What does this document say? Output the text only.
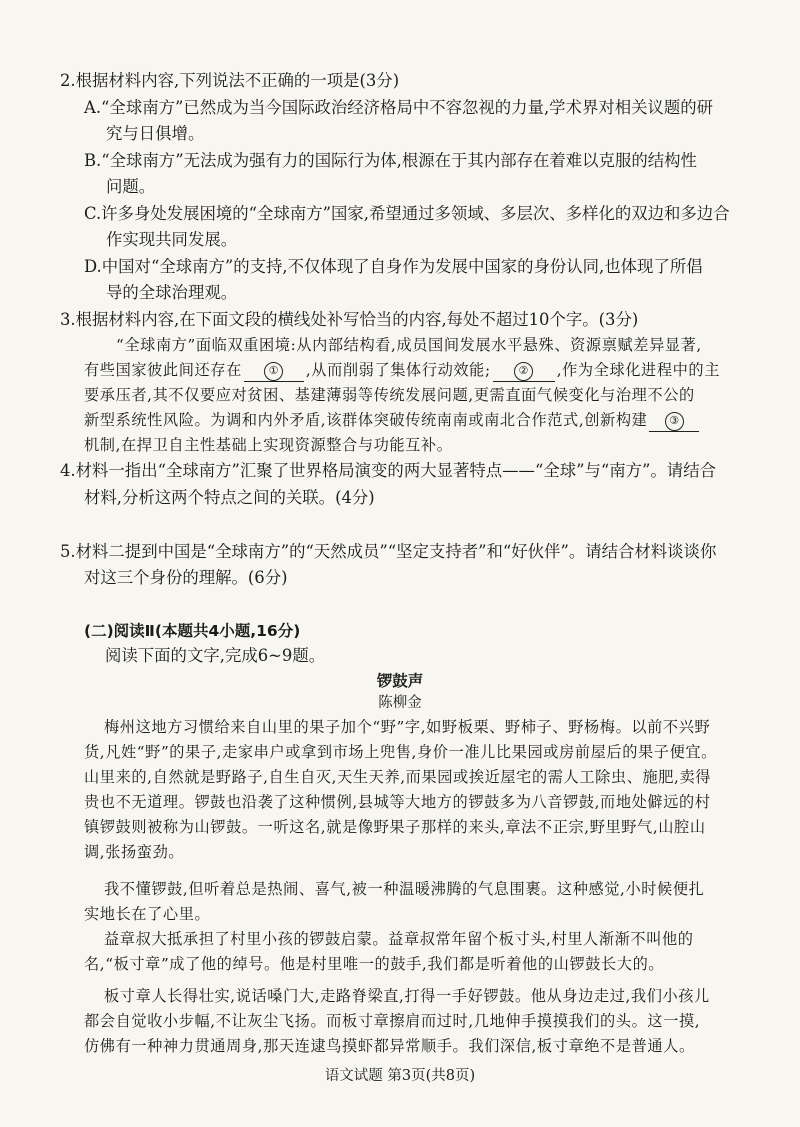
2.根据材料内容,下列说法不正确的一项是(3分)
A.“全球南方”已然成为当今国际政治经济格局中不容忽视的力量,学术界对相关议题的研
究与日俱增。
B.“全球南方”无法成为强有力的国际行为体,根源在于其内部存在着难以克服的结构性
问题。
C.许多身处发展困境的“全球南方”国家,希望通过多领域、多层次、多样化的双边和多边合
作实现共同发展。
D.中国对“全球南方”的支持,不仅体现了自身作为发展中国家的身份认同,也体现了所倡
导的全球治理观。
3.根据材料内容,在下面文段的横线处补写恰当的内容,每处不超过10个字。(3分)
“全球南方”面临双重困境:从内部结构看,成员国间发展水平悬殊、资源禀赋差异显著,
有些国家彼此间还存在 ① ,从而削弱了集体行动效能;	② ,作为全球化进程中的主
要承压者,其不仅要应对贫困、基建薄弱等传统发展问题,更需直面气候变化与治理不公的
新型系统性风险。为调和内外矛盾,该群体突破传统南南或南北合作范式,创新构建 ③
机制,在捍卫自主性基础上实现资源整合与功能互补。
4.材料一指出“全球南方”汇聚了世界格局演变的两大显著特点——“全球”与“南方”。请结合
材料,分析这两个特点之间的关联。(4分)
5.材料二提到中国是“全球南方”的“天然成员”“坚定支持者”和“好伙伴”。请结合材料谈谈你
对这三个身份的理解。(6分)
(二)阅读Ⅱ(本题共4小题,16分)
阅读下面的文字,完成6~9题。
锣鼓声
陈柳金
梅州这地方习惯给来自山里的果子加个“野”字,如野板栗、野柿子、野杨梅。以前不兴野
货,凡姓“野”的果子,走家串户或拿到市场上兜售,身价一准儿比果园或房前屋后的果子便宜。
山里来的,自然就是野路子,自生自灭,天生天养,而果园或挨近屋宅的需人工除虫、施肥,卖得
贵也不无道理。锣鼓也沿袭了这种惯例,县城等大地方的锣鼓多为八音锣鼓,而地处僻远的村
镇锣鼓则被称为山锣鼓。一听这名,就是像野果子那样的来头,章法不正宗,野里野气,山腔山
调,张扬蛮劲。
我不懂锣鼓,但听着总是热闹、喜气,被一种温暖沸腾的气息围裹。这种感觉,小时候便扎
实地长在了心里。
益章叔大抵承担了村里小孩的锣鼓启蒙。益章叔常年留个板寸头,村里人渐渐不叫他的
名,“板寸章”成了他的绰号。他是村里唯一的鼓手,我们都是听着他的山锣鼓长大的。
板寸章人长得壮实,说话嗓门大,走路脊梁直,打得一手好锣鼓。他从身边走过,我们小孩儿
都会自觉收小步幅,不让灰尘飞扬。而板寸章擦肩而过时,几地伸手摸摸我们的头。这一摸,
仿佛有一种神力贯通周身,那天连逮鸟摸虾都异常顺手。我们深信,板寸章绝不是普通人。
语文试题 第3页(共8页)
